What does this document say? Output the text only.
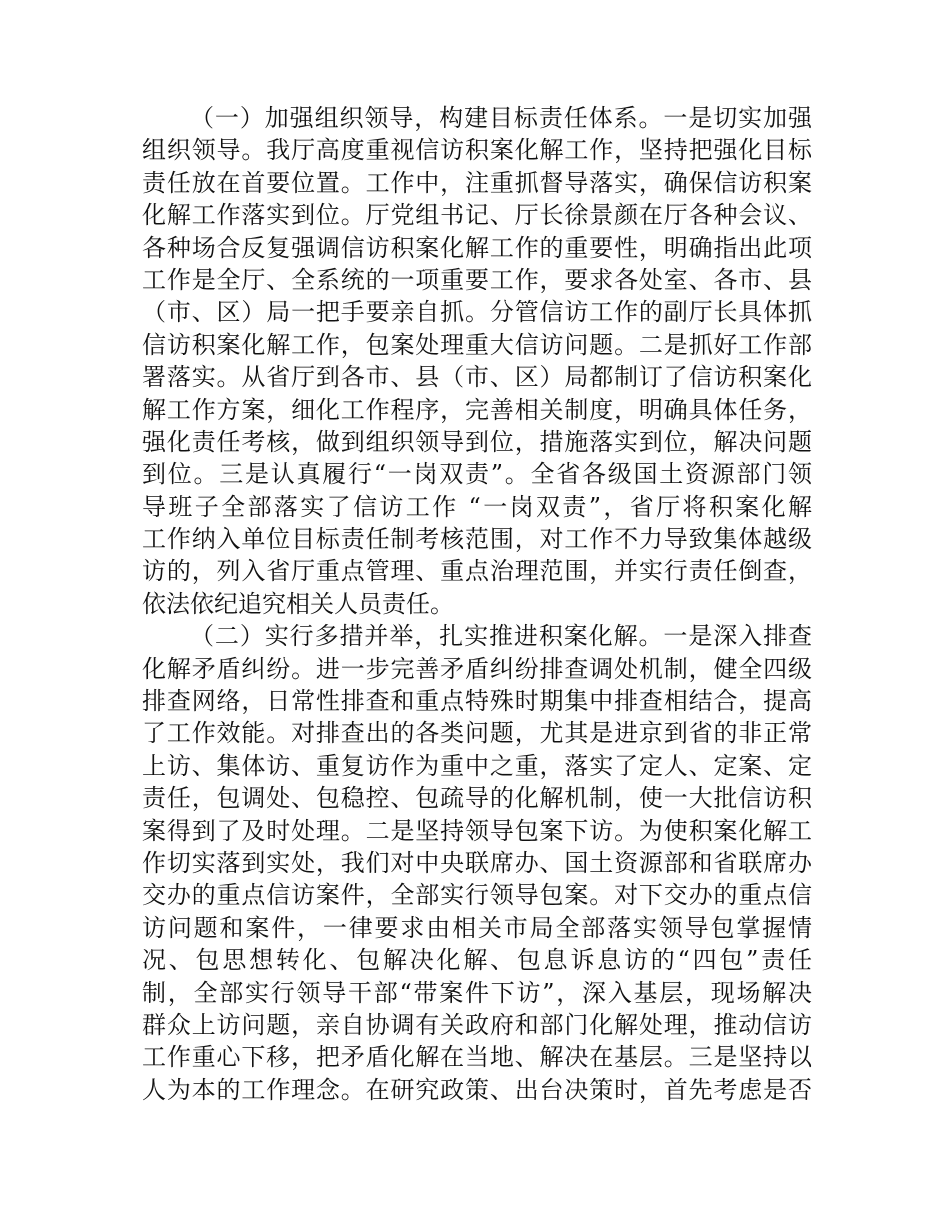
（一）加强组织领导，构建目标责任体系。一是切实加强
组织领导。我厅高度重视信访积案化解工作，坚持把强化目标
责任放在首要位置。工作中，注重抓督导落实，确保信访积案
化解工作落实到位。厅党组书记、厅长徐景颜在厅各种会议、
各种场合反复强调信访积案化解工作的重要性，明确指出此项
工作是全厅、全系统的一项重要工作，要求各处室、各市、县
（市、区）局一把手要亲自抓。分管信访工作的副厅长具体抓
信访积案化解工作，包案处理重大信访问题。二是抓好工作部
署落实。从省厅到各市、县（市、区）局都制订了信访积案化
解工作方案，细化工作程序，完善相关制度，明确具体任务，
强化责任考核，做到组织领导到位，措施落实到位，解决问题
到位。三是认真履行“一岗双责”。全省各级国土资源部门领
导班子全部落实了信访工作 “一岗双责”，省厅将积案化解
工作纳入单位目标责任制考核范围，对工作不力导致集体越级
访的，列入省厅重点管理、重点治理范围，并实行责任倒查，
依法依纪追究相关人员责任。
（二）实行多措并举，扎实推进积案化解。一是深入排查
化解矛盾纠纷。进一步完善矛盾纠纷排查调处机制，健全四级
排查网络，日常性排查和重点特殊时期集中排查相结合，提高
了工作效能。对排查出的各类问题，尤其是进京到省的非正常
上访、集体访、重复访作为重中之重，落实了定人、定案、定
责任，包调处、包稳控、包疏导的化解机制，使一大批信访积
案得到了及时处理。二是坚持领导包案下访。为使积案化解工
作切实落到实处，我们对中央联席办、国土资源部和省联席办
交办的重点信访案件，全部实行领导包案。对下交办的重点信
访问题和案件，一律要求由相关市局全部落实领导包掌握情
况、包思想转化、包解决化解、包息诉息访的“四包”责任
制，全部实行领导干部“带案件下访”，深入基层，现场解决
群众上访问题，亲自协调有关政府和部门化解处理，推动信访
工作重心下移，把矛盾化解在当地、解决在基层。三是坚持以
人为本的工作理念。在研究政策、出台决策时，首先考虑是否
